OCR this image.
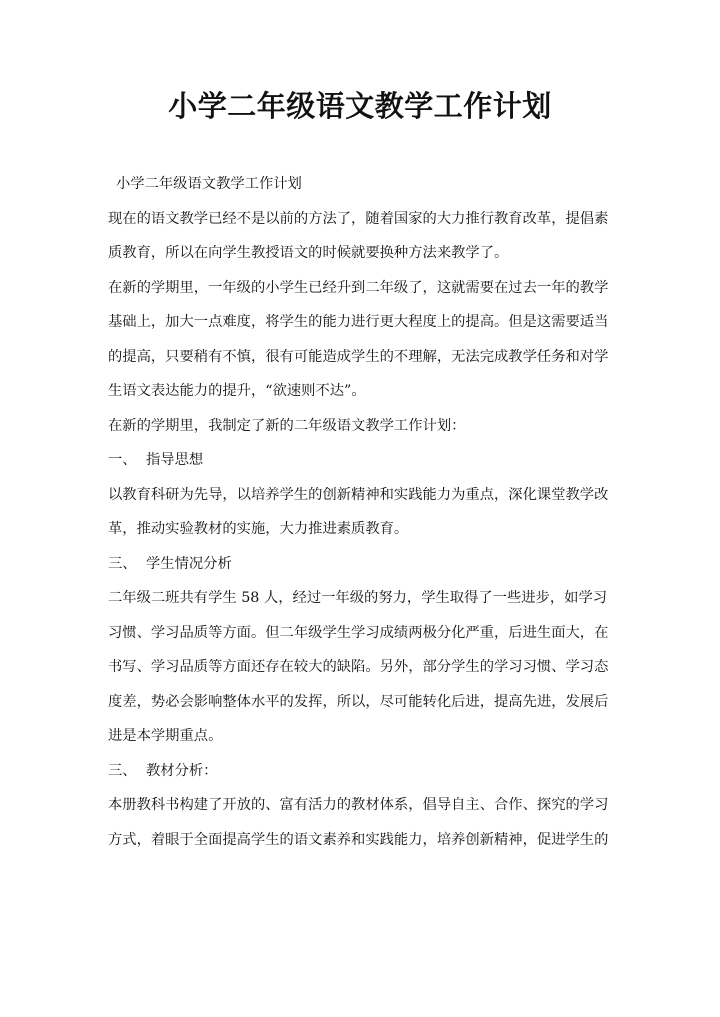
小学二年级语文教学工作计划

小学二年级语文教学工作计划

现在的语文教学已经不是以前的方法了，随着国家的大力推行教育改革，提倡素质教育，所以在向学生教授语文的时候就要换种方法来教学了。

在新的学期里，一年级的小学生已经升到二年级了，这就需要在过去一年的教学基础上，加大一点难度，将学生的能力进行更大程度上的提高。但是这需要适当的提高，只要稍有不慎，很有可能造成学生的不理解，无法完成教学任务和对学生语文表达能力的提升，“欲速则不达”。

在新的学期里，我制定了新的二年级语文教学工作计划：

一、 指导思想

以教育科研为先导，以培养学生的创新精神和实践能力为重点，深化课堂教学改革，推动实验教材的实施，大力推进素质教育。

三、 学生情况分析

二年级二班共有学生 58 人，经过一年级的努力，学生取得了一些进步，如学习习惯、学习品质等方面。但二年级学生学习成绩两极分化严重，后进生面大，在书写、学习品质等方面还存在较大的缺陷。另外，部分学生的学习习惯、学习态度差，势必会影响整体水平的发挥，所以，尽可能转化后进，提高先进，发展后进是本学期重点。

三、 教材分析：

本册教科书构建了开放的、富有活力的教材体系，倡导自主、合作、探究的学习方式，着眼于全面提高学生的语文素养和实践能力，培养创新精神，促进学生的
